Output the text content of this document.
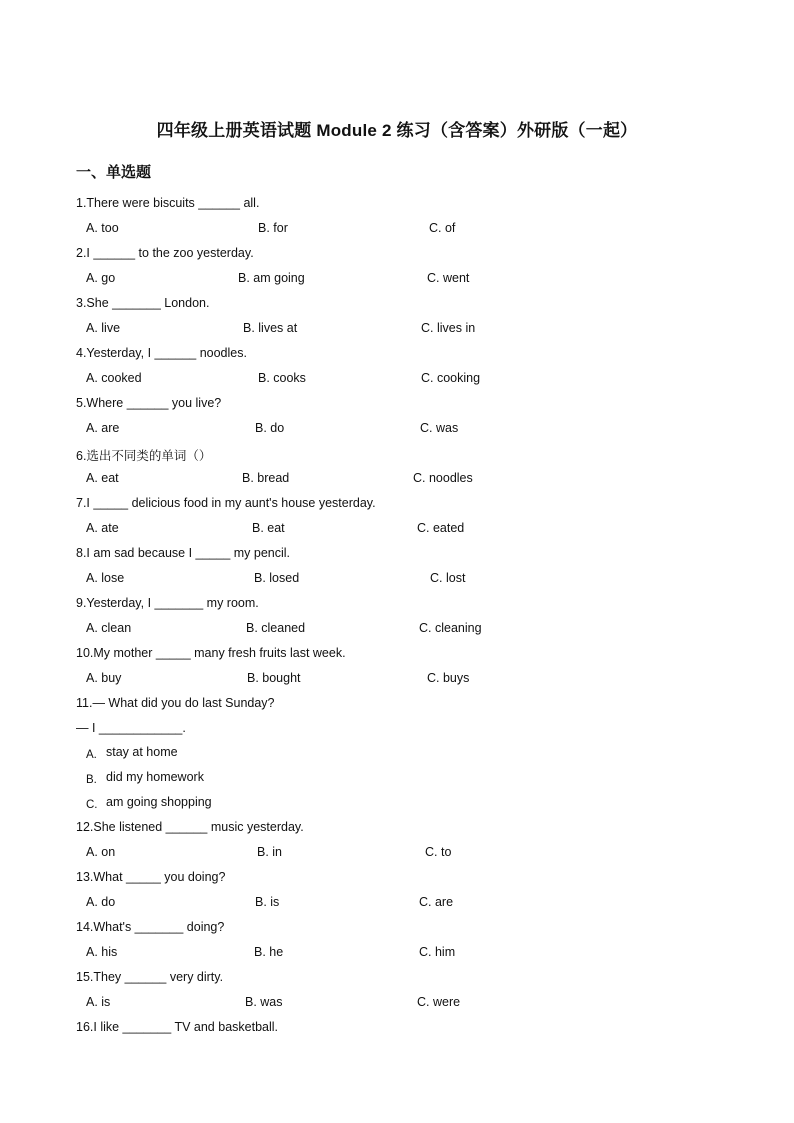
四年级上册英语试题 Module 2 练习（含答案）外研版（一起）
一、单选题
1.There were biscuits ______ all.
A. too	B. for	C. of
2.I ______ to the zoo yesterday.
A. go	B. am going	C. went
3.She _______ London.
A. live	B. lives at	C. lives in
4.Yesterday, I ______ noodles.
A. cooked	B. cooks	C. cooking
5.Where ______ you live?
A. are	B. do	C. was
6.选出不同类的单词（）
A. eat	B. bread	C. noodles
7.I _____ delicious food in my aunt's house yesterday.
A. ate	B. eat	C. eated
8.I am sad because I _____ my pencil.
A. lose	B. losed	C. lost
9.Yesterday, I _______ my room.
A. clean	B. cleaned	C. cleaning
10.My mother _____ many fresh fruits last week.
A. buy	B. bought	C. buys
11.— What did you do last Sunday?
— I ____________.
A. stay at home
B. did my homework
C. am going shopping
12.She listened ______ music yesterday.
A. on	B. in	C. to
13.What _____ you doing?
A. do	B. is	C. are
14.What's _______ doing?
A. his	B. he	C. him
15.They ______ very dirty.
A. is	B. was	C. were
16.I like _______ TV and basketball.
